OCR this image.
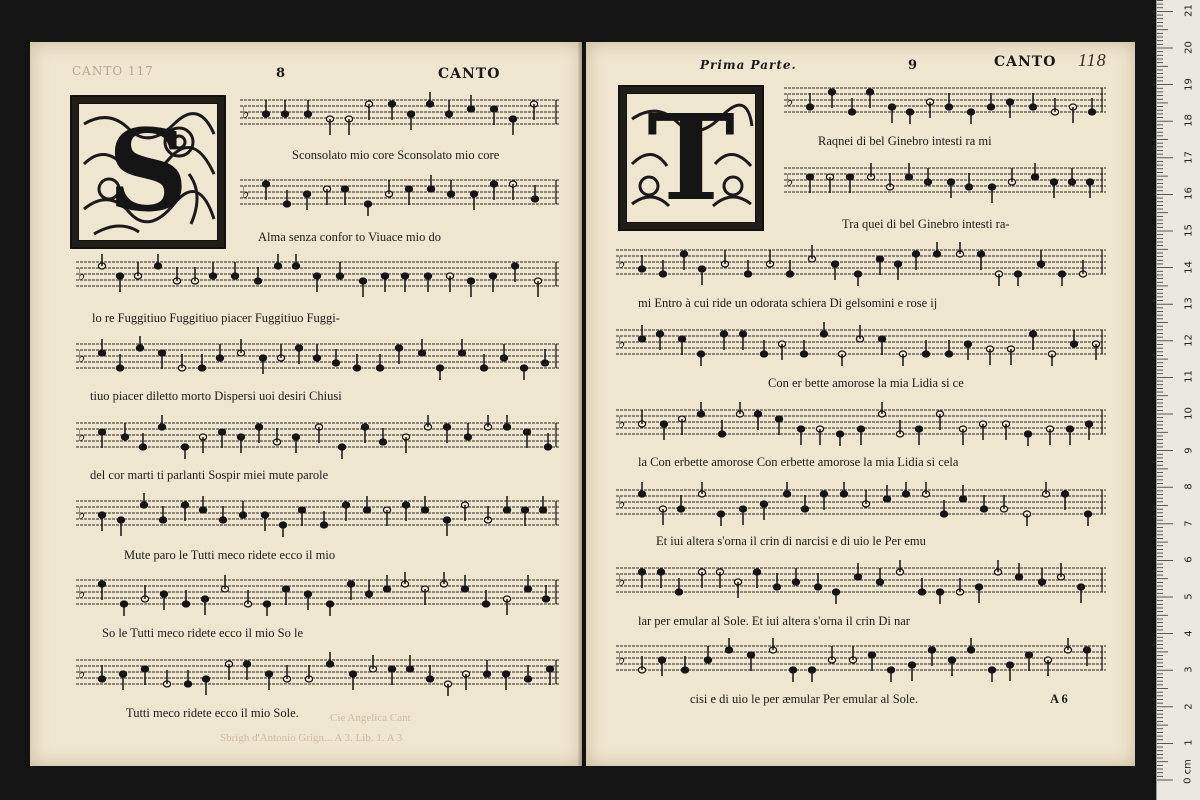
CANTO 117	8	CANTO
S	♭
Sconsolato mio core Sconsolato mio core
♭
Alma senza confor to Viuace mio do
♭
lo re Fuggitiuo Fuggitiuo piacer Fuggitiuo Fuggi-
♭
tiuo piacer diletto morto Dispersi uoi desiri Chiusi
♭
del cor marti ti parlanti Sospir miei mute parole
♭
Mute paro le Tutti meco ridete ecco il mio
♭
So le Tutti meco ridete ecco il mio So le
♭
Tutti meco ridete ecco il mio Sole.	Cie Angelica Cant
Sbrigh d'Antonio Grign... A 3. Lib. 1. A 3
Prima Parte.	9	CANTO 118
T	♭
Raqnei di bel Ginebro intesti ra mi
♭
Tra quei di bel Ginebro intesti ra-
♭
mi Entro à cui ride un odorata schiera Di gelsomini e rose ij
♭
Con er bette amorose la mia Lidia si ce
♭
la Con erbette amorose Con erbette amorose la mia Lidia si cela
♭
Et iui altera s'orna il crin di narcisi e di uio le Per emu
♭
lar per emular al Sole. Et iui altera s'orna il crin Di nar
♭
cisi e di uio le per æmular Per emular al Sole.	A 6
0 cm
1
2
3
4
5
6
7
8
9
10
11
12
13
14
15
16
17
18
19
20
21
